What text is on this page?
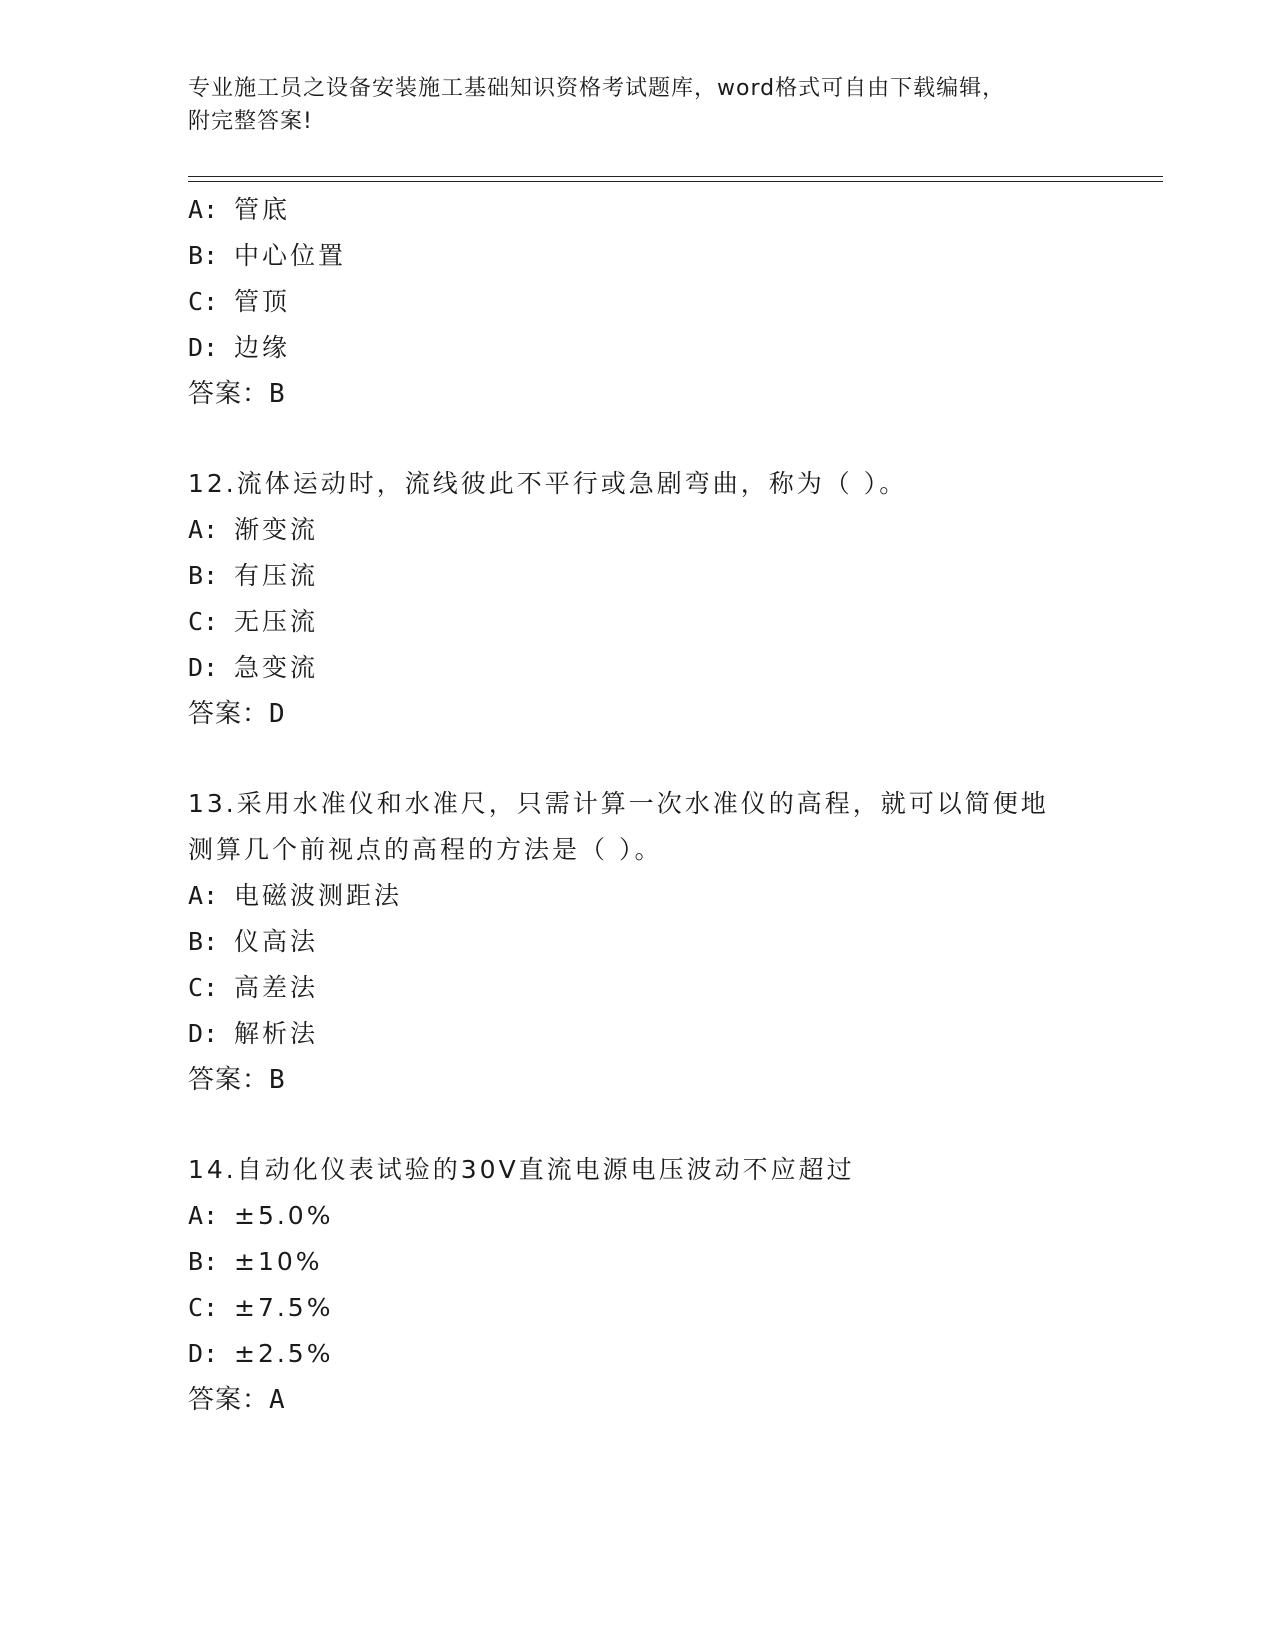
专业施工员之设备安装施工基础知识资格考试题库，word格式可自由下载编辑，
附完整答案!
A: 管底
B: 中心位置
C: 管顶
D: 边缘
答案：B
12.流体运动时，流线彼此不平行或急剧弯曲，称为（ ）。
A: 渐变流
B: 有压流
C: 无压流
D: 急变流
答案：D
13.采用水准仪和水准尺，只需计算一次水准仪的高程，就可以简便地
测算几个前视点的高程的方法是（ ）。
A: 电磁波测距法
B: 仪高法
C: 高差法
D: 解析法
答案：B
14.自动化仪表试验的30V直流电源电压波动不应超过
A: ±5.0%
B: ±10%
C: ±7.5%
D: ±2.5%
答案：A
